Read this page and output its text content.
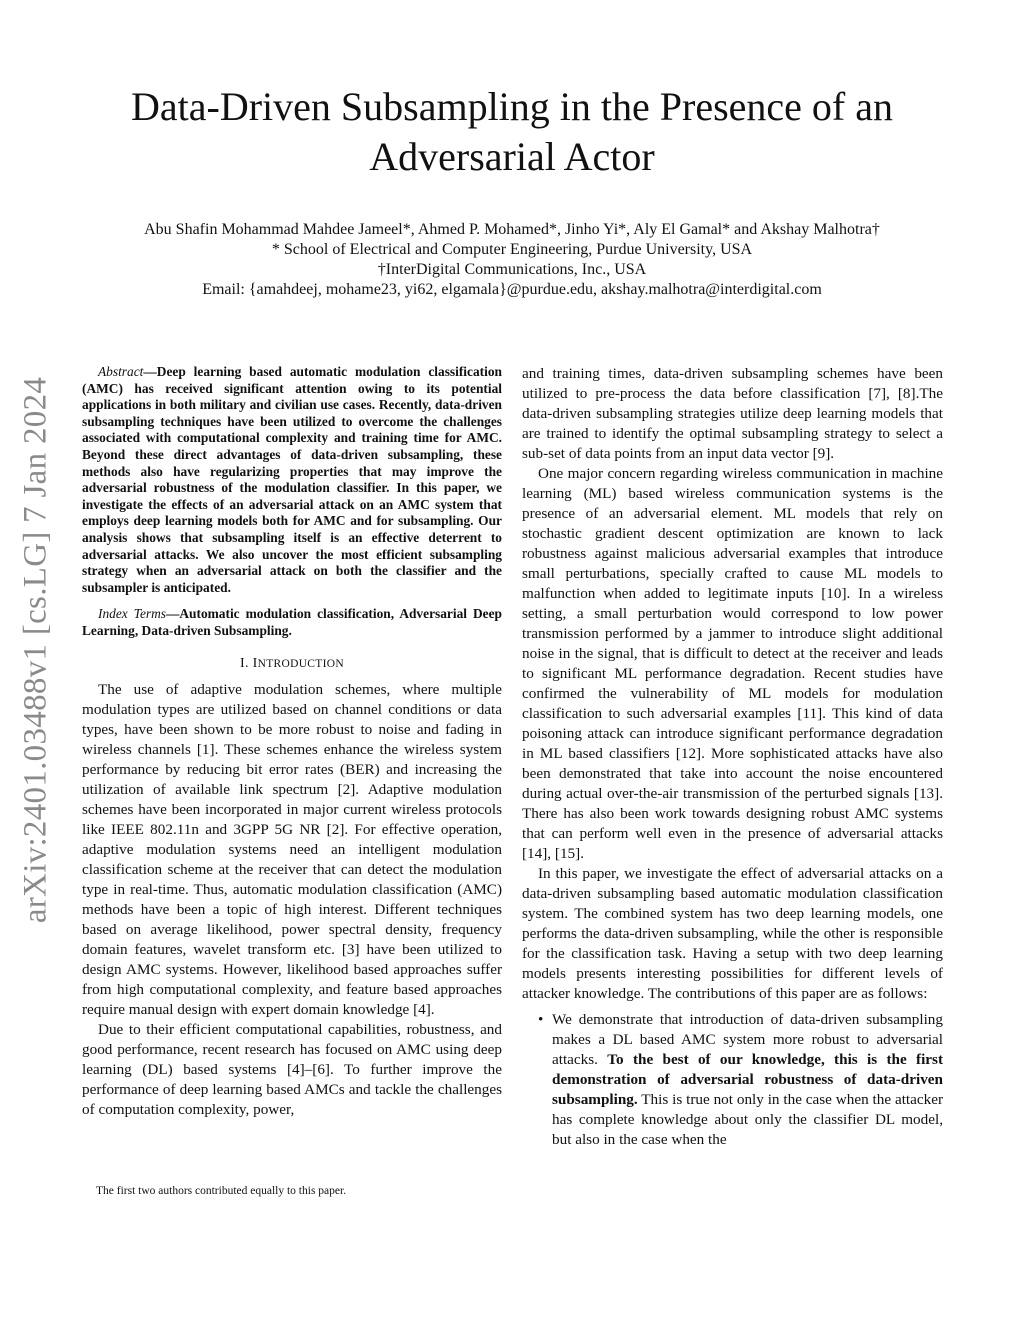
arXiv:2401.03488v1 [cs.LG] 7 Jan 2024
Data-Driven Subsampling in the Presence of an Adversarial Actor
Abu Shafin Mohammad Mahdee Jameel*, Ahmed P. Mohamed*, Jinho Yi*, Aly El Gamal* and Akshay Malhotra†
* School of Electrical and Computer Engineering, Purdue University, USA
†InterDigital Communications, Inc., USA
Email: {amahdeej, mohame23, yi62, elgamala}@purdue.edu, akshay.malhotra@interdigital.com

Abstract—Deep learning based automatic modulation classification (AMC) has received significant attention owing to its potential applications in both military and civilian use cases. Recently, data-driven subsampling techniques have been utilized to overcome the challenges associated with computational complexity and training time for AMC. Beyond these direct advantages of data-driven subsampling, these methods also have regularizing properties that may improve the adversarial robustness of the modulation classifier. In this paper, we investigate the effects of an adversarial attack on an AMC system that employs deep learning models both for AMC and for subsampling. Our analysis shows that subsampling itself is an effective deterrent to adversarial attacks. We also uncover the most efficient subsampling strategy when an adversarial attack on both the classifier and the subsampler is anticipated.

Index Terms—Automatic modulation classification, Adversarial Deep Learning, Data-driven Subsampling.

I. INTRODUCTION

The use of adaptive modulation schemes, where multiple modulation types are utilized based on channel conditions or data types, have been shown to be more robust to noise and fading in wireless channels [1]. These schemes enhance the wireless system performance by reducing bit error rates (BER) and increasing the utilization of available link spectrum [2]. Adaptive modulation schemes have been incorporated in major current wireless protocols like IEEE 802.11n and 3GPP 5G NR [2]. For effective operation, adaptive modulation systems need an intelligent modulation classification scheme at the receiver that can detect the modulation type in real-time. Thus, automatic modulation classification (AMC) methods have been a topic of high interest. Different techniques based on average likelihood, power spectral density, frequency domain features, wavelet transform etc. [3] have been utilized to design AMC systems. However, likelihood based approaches suffer from high computational complexity, and feature based approaches require manual design with expert domain knowledge [4].

Due to their efficient computational capabilities, robustness, and good performance, recent research has focused on AMC using deep learning (DL) based systems [4]–[6]. To further improve the performance of deep learning based AMCs and tackle the challenges of computation complexity, power,

The first two authors contributed equally to this paper.

and training times, data-driven subsampling schemes have been utilized to pre-process the data before classification [7], [8].The data-driven subsampling strategies utilize deep learning models that are trained to identify the optimal subsampling strategy to select a sub-set of data points from an input data vector [9].

One major concern regarding wireless communication in machine learning (ML) based wireless communication systems is the presence of an adversarial element. ML models that rely on stochastic gradient descent optimization are known to lack robustness against malicious adversarial examples that introduce small perturbations, specially crafted to cause ML models to malfunction when added to legitimate inputs [10]. In a wireless setting, a small perturbation would correspond to low power transmission performed by a jammer to introduce slight additional noise in the signal, that is difficult to detect at the receiver and leads to significant ML performance degradation. Recent studies have confirmed the vulnerability of ML models for modulation classification to such adversarial examples [11]. This kind of data poisoning attack can introduce significant performance degradation in ML based classifiers [12]. More sophisticated attacks have also been demonstrated that take into account the noise encountered during actual over-the-air transmission of the perturbed signals [13]. There has also been work towards designing robust AMC systems that can perform well even in the presence of adversarial attacks [14], [15].

In this paper, we investigate the effect of adversarial attacks on a data-driven subsampling based automatic modulation classification system. The combined system has two deep learning models, one performs the data-driven subsampling, while the other is responsible for the classification task. Having a setup with two deep learning models presents interesting possibilities for different levels of attacker knowledge. The contributions of this paper are as follows:

• We demonstrate that introduction of data-driven subsampling makes a DL based AMC system more robust to adversarial attacks. To the best of our knowledge, this is the first demonstration of adversarial robustness of data-driven subsampling. This is true not only in the case when the attacker has complete knowledge about only the classifier DL model, but also in the case when the
